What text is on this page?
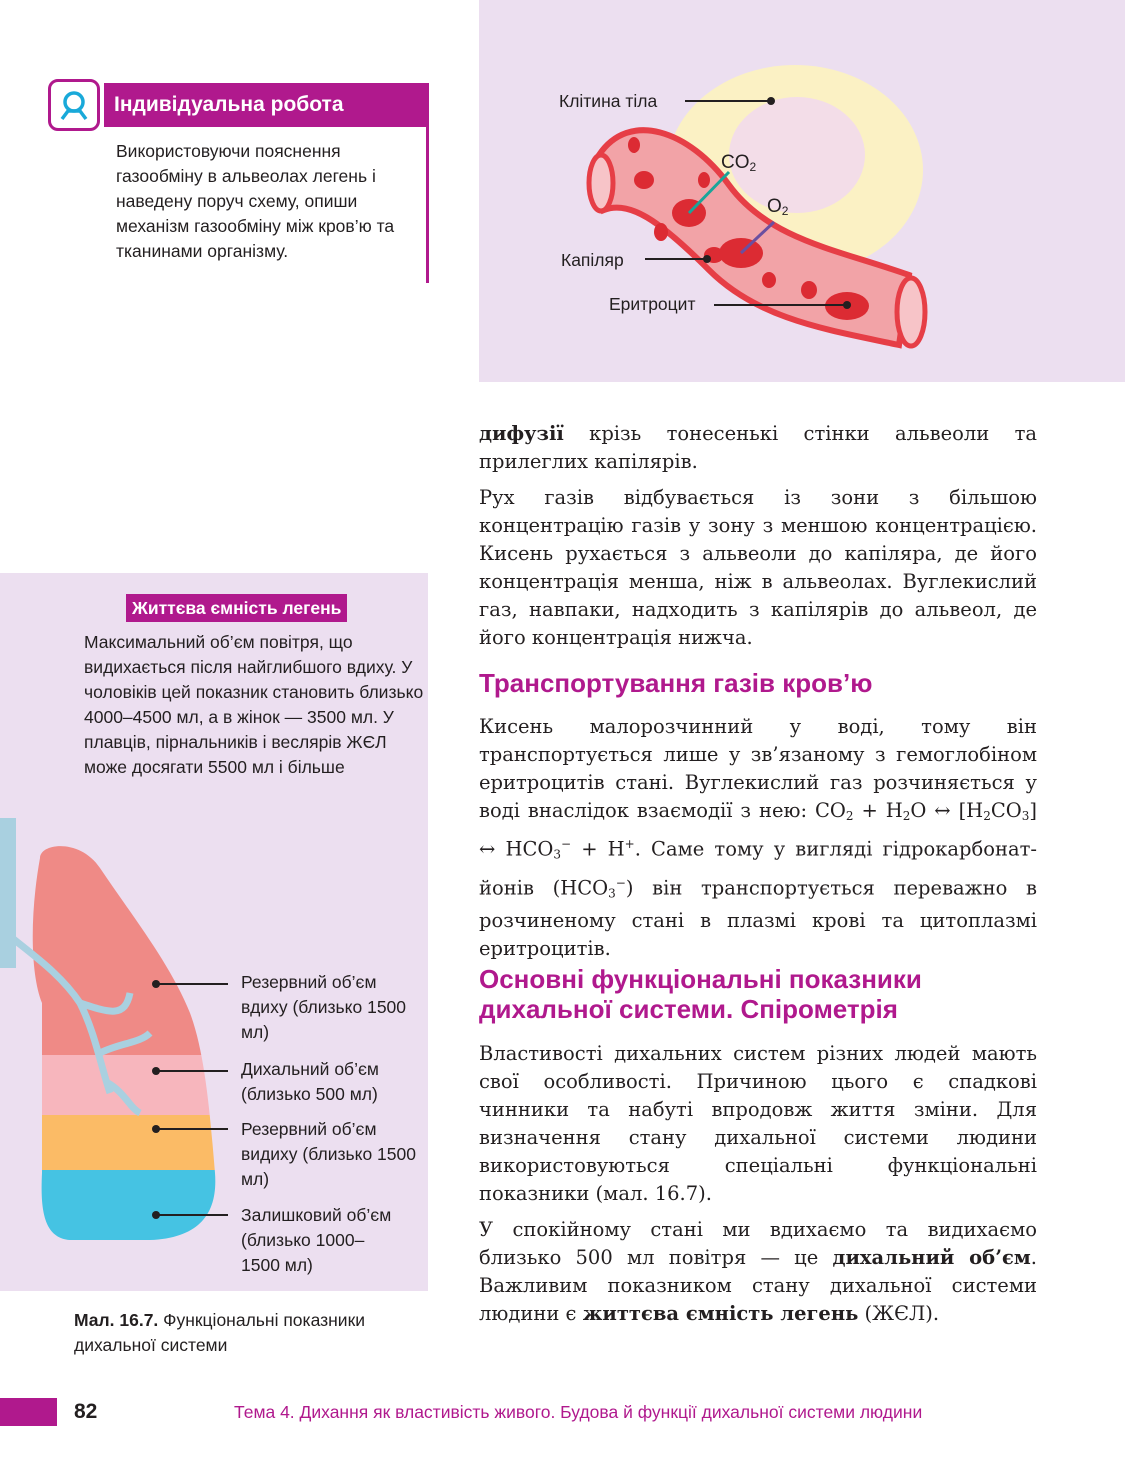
Індивідуальна робота
Використовуючи пояснення газообміну в альвеолах легень і наведену поруч схему, опиши механізм газообміну між кров’ю та тканинами організму.
Клітина тіла
$CO_2$
$O_2$
Капіляр
Еритроцит
Резервний об’єм вдиху (близько 1500 мл)
Дихальний об’єм (близько 500 мл)
Резервний об’єм видиху (близько 1500 мл)
Залишковий об’єм (близько 1000–1500 мл)
Життєва ємність легень
Максимальний об’єм повітря, що видихається після найглибшого вдиху. У чоловіків цей показник становить близько 4000–4500 мл, а в жінок — 3500 мл. У плавців, пірнальників і веслярів ЖЄЛ може досягати 5500 мл і більше
Мал. 16.7. Функціональні показники дихальної системи
дифузії крізь тонесенькі стінки альвеоли та прилеглих капілярів.
Рух газів відбувається із зони з більшою концентрацію газів у зону з меншою концентрацією. Кисень рухається з альвеоли до капіляра, де його концентрація менша, ніж в альвеолах. Вуглекислий газ, навпаки, надходить з капілярів до альвеол, де його концентрація нижча.
Транспортування газів кров’ю
Кисень малорозчинний у воді, тому він транспортується лише у зв’язаному з гемоглобіном еритроцитів стані. Вуглекислий газ розчиняється у воді внаслідок взаємодії з нею: $CO_2 + H_2O$ ↔ $[H_2CO_3]$ ↔ $HCO_3^- + H^+$. Саме тому у вигляді гідрокарбонат-йонів $(HCO_3^-)$ він транспортується переважно в розчиненому стані в плазмі крові та цитоплазмі еритроцитів.
Основні функціональні показники дихальної системи. Спірометрія
Властивості дихальних систем різних людей мають свої особливості. Причиною цього є спадкові чинники та набуті впродовж життя зміни. Для визначення стану дихальної системи людини використовуються спеціальні функціональні показники (мал. 16.7).
У спокійному стані ми вдихаємо та видихаємо близько 500 мл повітря — це дихальний об’єм. Важливим показником стану дихальної системи людини є життєва ємність легень (ЖЄЛ).
82	Тема 4. Дихання як властивість живого. Будова й функції дихальної системи людини
